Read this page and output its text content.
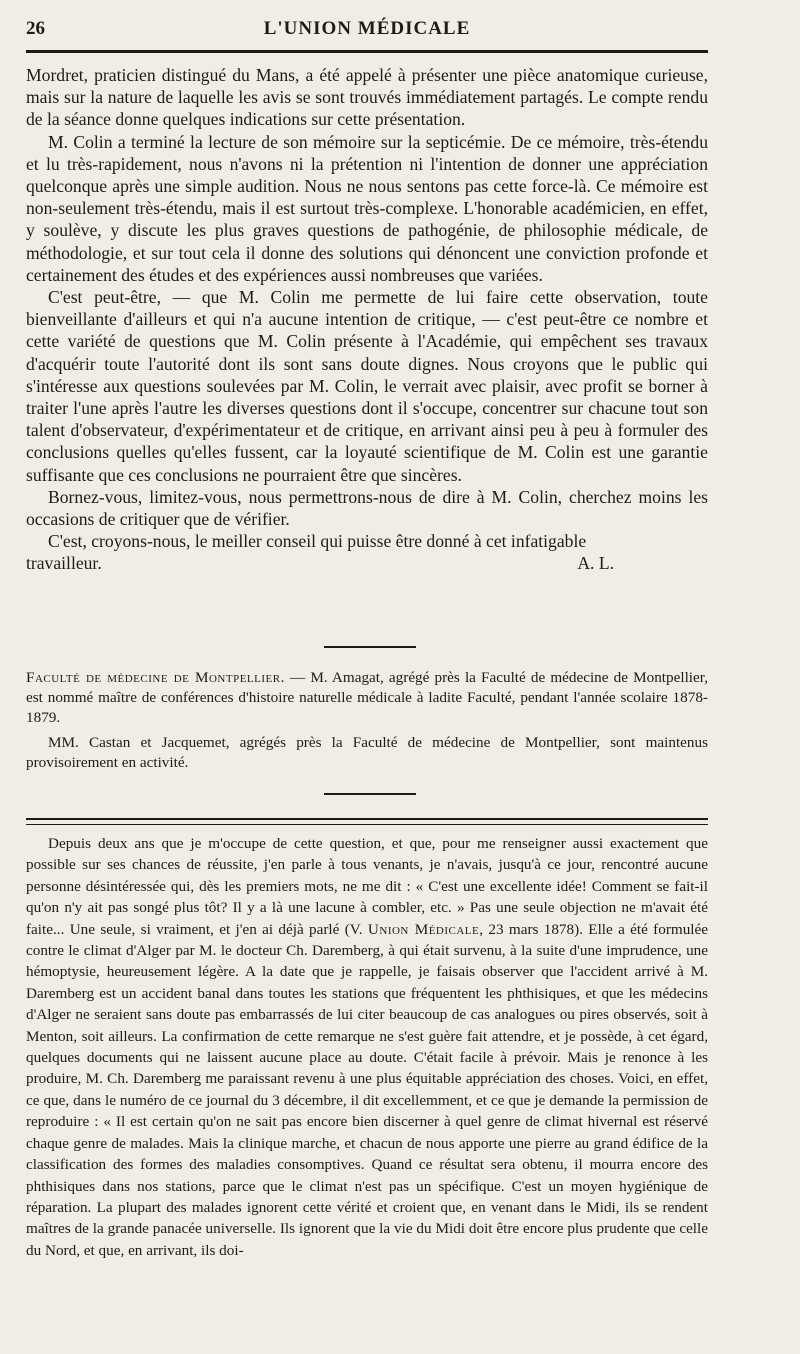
26	L'UNION MÉDICALE

Mordret, praticien distingué du Mans, a été appelé à présenter une pièce anatomique curieuse, mais sur la nature de laquelle les avis se sont trouvés immédiatement partagés. Le compte rendu de la séance donne quelques indications sur cette présentation.

M. Colin a terminé la lecture de son mémoire sur la septicémie. De ce mémoire, très-étendu et lu très-rapidement, nous n'avons ni la prétention ni l'intention de donner une appréciation quelconque après une simple audition. Nous ne nous sentons pas cette force-là. Ce mémoire est non-seulement très-étendu, mais il est surtout très-complexe. L'honorable académicien, en effet, y soulève, y discute les plus graves questions de pathogénie, de philosophie médicale, de méthodologie, et sur tout cela il donne des solutions qui dénoncent une conviction profonde et certainement des études et des expériences aussi nombreuses que variées.

C'est peut-être, — que M. Colin me permette de lui faire cette observation, toute bienveillante d'ailleurs et qui n'a aucune intention de critique, — c'est peut-être ce nombre et cette variété de questions que M. Colin présente à l'Académie, qui empêchent ses travaux d'acquérir toute l'autorité dont ils sont sans doute dignes. Nous croyons que le public qui s'intéresse aux questions soulevées par M. Colin, le verrait avec plaisir, avec profit se borner à traiter l'une après l'autre les diverses questions dont il s'occupe, concentrer sur chacune tout son talent d'observateur, d'expérimentateur et de critique, en arrivant ainsi peu à peu à formuler des conclusions quelles qu'elles fussent, car la loyauté scientifique de M. Colin est une garantie suffisante que ces conclusions ne pourraient être que sincères.

Bornez-vous, limitez-vous, nous permettrons-nous de dire à M. Colin, cherchez moins les occasions de critiquer que de vérifier.

C'est, croyons-nous, le meiller conseil qui puisse être donné à cet infatigable

travailleur.	A. L.

Faculté de médecine de Montpellier. — M. Amagat, agrégé près la Faculté de médecine de Montpellier, est nommé maître de conférences d'histoire naturelle médicale à ladite Faculté, pendant l'année scolaire 1878-1879.

MM. Castan et Jacquemet, agrégés près la Faculté de médecine de Montpellier, sont maintenus provisoirement en activité.

Depuis deux ans que je m'occupe de cette question, et que, pour me renseigner aussi exactement que possible sur ses chances de réussite, j'en parle à tous venants, je n'avais, jusqu'à ce jour, rencontré aucune personne désintéressée qui, dès les premiers mots, ne me dit : « C'est une excellente idée! Comment se fait-il qu'on n'y ait pas songé plus tôt? Il y a là une lacune à combler, etc. » Pas une seule objection ne m'avait été faite... Une seule, si vraiment, et j'en ai déjà parlé (V. Union Médicale, 23 mars 1878). Elle a été formulée contre le climat d'Alger par M. le docteur Ch. Daremberg, à qui était survenu, à la suite d'une imprudence, une hémoptysie, heureusement légère. A la date que je rappelle, je faisais observer que l'accident arrivé à M. Daremberg est un accident banal dans toutes les stations que fréquentent les phthisiques, et que les médecins d'Alger ne seraient sans doute pas embarrassés de lui citer beaucoup de cas analogues ou pires observés, soit à Menton, soit ailleurs. La confirmation de cette remarque ne s'est guère fait attendre, et je possède, à cet égard, quelques documents qui ne laissent aucune place au doute. C'était facile à prévoir. Mais je renonce à les produire, M. Ch. Daremberg me paraissant revenu à une plus équitable appréciation des choses. Voici, en effet, ce que, dans le numéro de ce journal du 3 décembre, il dit excellemment, et ce que je demande la permission de reproduire : « Il est certain qu'on ne sait pas encore bien discerner à quel genre de climat hivernal est réservé chaque genre de malades. Mais la clinique marche, et chacun de nous apporte une pierre au grand édifice de la classification des formes des maladies consomptives. Quand ce résultat sera obtenu, il mourra encore des phthisiques dans nos stations, parce que le climat n'est pas un spécifique. C'est un moyen hygiénique de réparation. La plupart des malades ignorent cette vérité et croient que, en venant dans le Midi, ils se rendent maîtres de la grande panacée universelle. Ils ignorent que la vie du Midi doit être encore plus prudente que celle du Nord, et que, en arrivant, ils doi-
